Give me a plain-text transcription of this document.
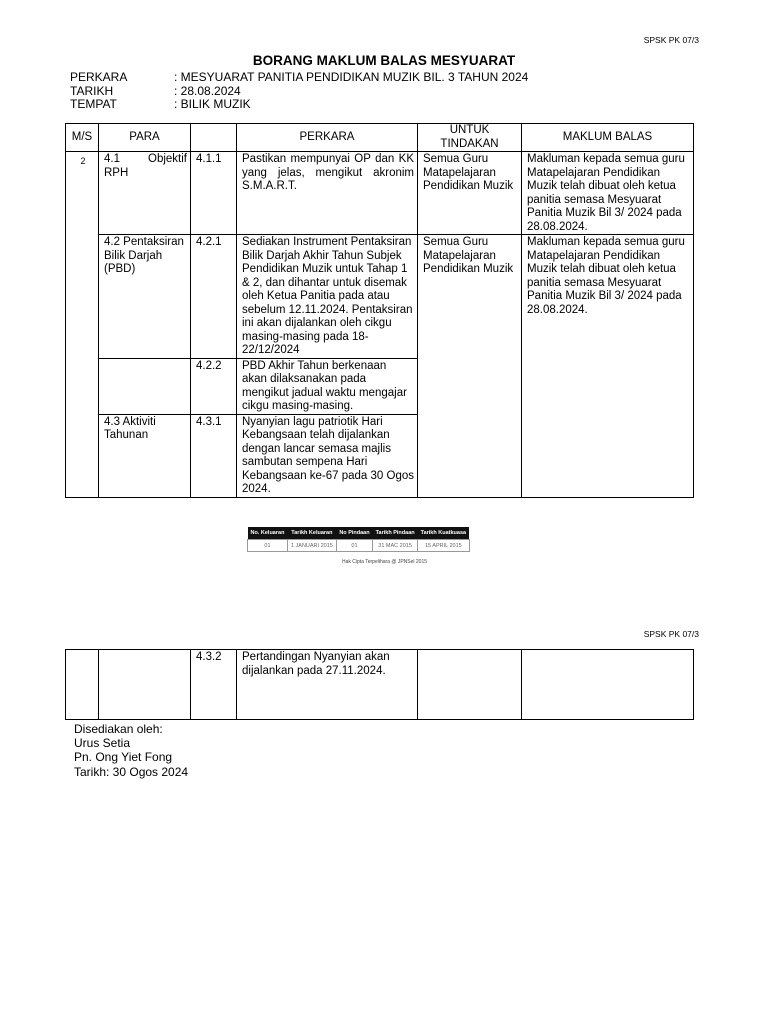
SPSK PK 07/3
BORANG MAKLUM BALAS MESYUARAT
PERKARA	: MESYUARAT PANITIA PENDIDIKAN MUZIK BIL. 3 TAHUN 2024
TARIKH	: 28.08.2024
TEMPAT	: BILIK MUZIK
M/S	PARA		PERKARA	UNTUK TINDAKAN	MAKLUM BALAS
2	4.1      Objektif RPH	4.1.1	Pastikan mempunyai OP dan KK yang jelas, mengikut akronim S.M.A.R.T.	Semua Guru Matapelajaran Pendidikan Muzik	Makluman kepada semua guru Matapelajaran Pendidikan Muzik telah dibuat oleh ketua panitia semasa Mesyuarat Panitia Muzik Bil 3/ 2024 pada 28.08.2024.
	4.2 Pentaksiran Bilik Darjah (PBD)	4.2.1	Sediakan Instrument Pentaksiran Bilik Darjah Akhir Tahun Subjek Pendidikan Muzik untuk Tahap 1 & 2, dan dihantar untuk disemak oleh Ketua Panitia pada atau sebelum 12.11.2024. Pentaksiran ini akan dijalankan oleh cikgu masing-masing pada 18-22/12/2024	Semua Guru Matapelajaran Pendidikan Muzik	Makluman kepada semua guru Matapelajaran Pendidikan Muzik telah dibuat oleh ketua panitia semasa Mesyuarat Panitia Muzik Bil 3/ 2024 pada 28.08.2024.
		4.2.2	PBD Akhir Tahun berkenaan akan dilaksanakan pada mengikut jadual waktu mengajar cikgu masing-masing.		
	4.3 Aktiviti Tahunan	4.3.1	Nyanyian lagu patriotik Hari Kebangsaan telah dijalankan dengan lancar semasa majlis sambutan sempena Hari Kebangsaan ke-67 pada 30 Ogos 2024.		
No. Keluaran	Tarikh Keluaran	No Pindaan	Tarikh Pindaan	Tarikh Kuatkuasa
01	1 JANUARI 2015	01	31 MAC 2015	15 APRIL 2015
Hak Cipta Terpelihara @ JPNSel 2015
SPSK PK 07/3
		4.3.2	Pertandingan Nyanyian akan dijalankan pada 27.11.2024.		
Disediakan oleh:
Urus Setia
Pn. Ong Yiet Fong
Tarikh: 30 Ogos 2024
